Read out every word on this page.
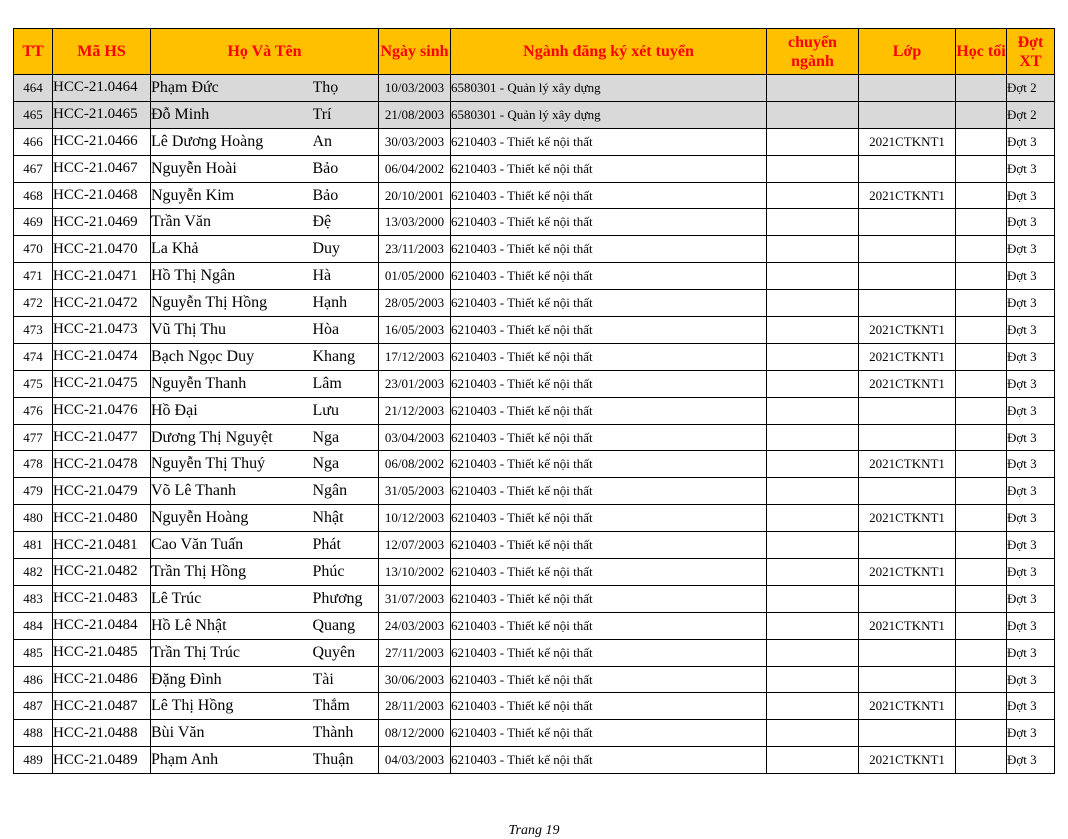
TT	Mã HS	Họ Và Tên		Ngày sinh	Ngành đăng ký xét tuyển	chuyển ngành	Lớp	Học tối	Đợt XT
464	HCC-21.0464	Phạm Đức	Thọ	10/03/2003	6580301 - Quản lý xây dựng				Đợt 2
465	HCC-21.0465	Đỗ Minh	Trí	21/08/2003	6580301 - Quản lý xây dựng				Đợt 2
466	HCC-21.0466	Lê Dương Hoàng	An	30/03/2003	6210403 - Thiết kế nội thất		2021CTKNT1		Đợt 3
467	HCC-21.0467	Nguyễn Hoài	Bảo	06/04/2002	6210403 - Thiết kế nội thất				Đợt 3
468	HCC-21.0468	Nguyễn Kim	Bảo	20/10/2001	6210403 - Thiết kế nội thất		2021CTKNT1		Đợt 3
469	HCC-21.0469	Trần Văn	Đệ	13/03/2000	6210403 - Thiết kế nội thất				Đợt 3
470	HCC-21.0470	La Khả	Duy	23/11/2003	6210403 - Thiết kế nội thất				Đợt 3
471	HCC-21.0471	Hồ Thị Ngân	Hà	01/05/2000	6210403 - Thiết kế nội thất				Đợt 3
472	HCC-21.0472	Nguyễn Thị Hồng	Hạnh	28/05/2003	6210403 - Thiết kế nội thất				Đợt 3
473	HCC-21.0473	Vũ Thị Thu	Hòa	16/05/2003	6210403 - Thiết kế nội thất		2021CTKNT1		Đợt 3
474	HCC-21.0474	Bạch Ngọc Duy	Khang	17/12/2003	6210403 - Thiết kế nội thất		2021CTKNT1		Đợt 3
475	HCC-21.0475	Nguyễn Thanh	Lâm	23/01/2003	6210403 - Thiết kế nội thất		2021CTKNT1		Đợt 3
476	HCC-21.0476	Hồ Đại	Lưu	21/12/2003	6210403 - Thiết kế nội thất				Đợt 3
477	HCC-21.0477	Dương Thị Nguyệt	Nga	03/04/2003	6210403 - Thiết kế nội thất				Đợt 3
478	HCC-21.0478	Nguyễn Thị Thuý	Nga	06/08/2002	6210403 - Thiết kế nội thất		2021CTKNT1		Đợt 3
479	HCC-21.0479	Võ Lê Thanh	Ngân	31/05/2003	6210403 - Thiết kế nội thất				Đợt 3
480	HCC-21.0480	Nguyễn Hoàng	Nhật	10/12/2003	6210403 - Thiết kế nội thất		2021CTKNT1		Đợt 3
481	HCC-21.0481	Cao Văn Tuấn	Phát	12/07/2003	6210403 - Thiết kế nội thất				Đợt 3
482	HCC-21.0482	Trần Thị Hồng	Phúc	13/10/2002	6210403 - Thiết kế nội thất		2021CTKNT1		Đợt 3
483	HCC-21.0483	Lê Trúc	Phương	31/07/2003	6210403 - Thiết kế nội thất				Đợt 3
484	HCC-21.0484	Hồ Lê Nhật	Quang	24/03/2003	6210403 - Thiết kế nội thất		2021CTKNT1		Đợt 3
485	HCC-21.0485	Trần Thị Trúc	Quyên	27/11/2003	6210403 - Thiết kế nội thất				Đợt 3
486	HCC-21.0486	Đặng Đình	Tài	30/06/2003	6210403 - Thiết kế nội thất				Đợt 3
487	HCC-21.0487	Lê Thị Hồng	Thắm	28/11/2003	6210403 - Thiết kế nội thất		2021CTKNT1		Đợt 3
488	HCC-21.0488	Bùi Văn	Thành	08/12/2000	6210403 - Thiết kế nội thất				Đợt 3
489	HCC-21.0489	Phạm Anh	Thuận	04/03/2003	6210403 - Thiết kế nội thất		2021CTKNT1		Đợt 3
Trang 19
